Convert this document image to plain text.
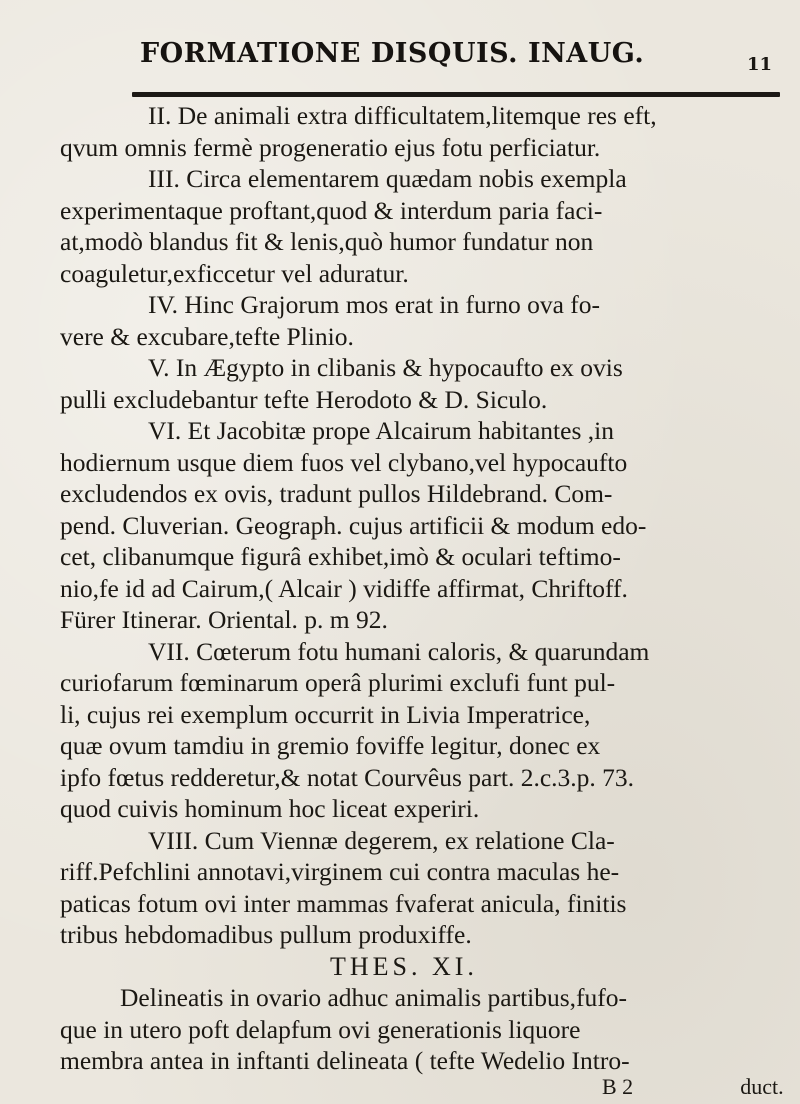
FORMATIONE DISQUIS. INAUG.	11
II. De animali extra difficultatem,litemque res eft,
qvum omnis fermè progeneratio ejus fotu perficiatur.
III. Circa elementarem quædam nobis exempla
experimentaque proftant,quod & interdum paria faci-
at,modò blandus fit & lenis,quò humor fundatur non
coaguletur,exficcetur vel aduratur.
IV. Hinc Grajorum mos erat in furno ova fo-
vere & excubare,tefte Plinio.
V. In Ægypto in clibanis & hypocaufto ex ovis
pulli excludebantur tefte Herodoto & D. Siculo.
VI. Et Jacobitæ prope Alcairum habitantes ,in
hodiernum usque diem fuos vel clybano,vel hypocaufto
excludendos ex ovis, tradunt pullos Hildebrand. Com-
pend. Cluverian. Geograph. cujus artificii & modum edo-
cet, clibanumque figurâ exhibet,imò & oculari teftimo-
nio,fe id ad Cairum,( Alcair ) vidiffe affirmat, Chriftoff.
Fürer Itinerar. Oriental. p. m 92.
VII. Cœterum fotu humani caloris, & quarundam
curiofarum fœminarum operâ plurimi exclufi funt pul-
li, cujus rei exemplum occurrit in Livia Imperatrice,
quæ ovum tamdiu in gremio foviffe legitur, donec ex
ipfo fœtus redderetur,& notat Courvêus part. 2.c.3.p. 73.
quod cuivis hominum hoc liceat experiri.
VIII. Cum Viennæ degerem, ex relatione Cla-
riff.Pefchlini annotavi,virginem cui contra maculas he-
paticas fotum ovi inter mammas fvaferat anicula, finitis
tribus hebdomadibus pullum produxiffe.
THES. XI.
Delineatis in ovario adhuc animalis partibus,fufo-
que in utero poft delapfum ovi generationis liquore
membra antea in inftanti delineata ( tefte Wedelio Intro-
B 2	duct.
